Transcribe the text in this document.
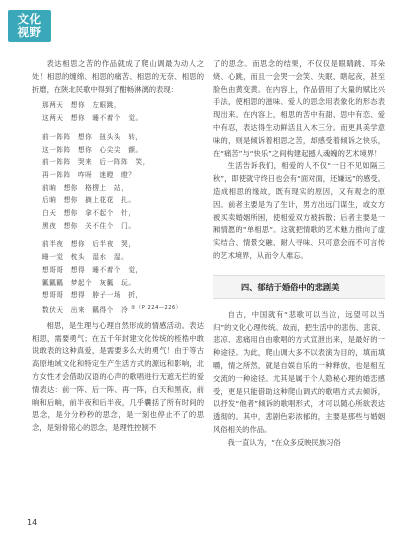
文化
视野

表达相思之苦的作品就成了爬山调最为动人之处！相思的缠绵、相思的痛苦、相思的无奈、相思的折磨，在陕北民歌中得到了酣畅淋漓的表现：

那两天　想你　左眼跳，
这两天　想你　睡不着个　觉。
前一阵阵　想你　扭头头　转，
这一阵阵　想你　心尖尖　颤。
前一阵阵　哭来　后一阵阵　笑，
再一阵阵　咋呀　迷瞪　瞪？
前晌　想你　格楞上　站，
后晌　想你　摘上花花　扎。
白天　想你　拿不起个　针，
黑夜　想你　关不住个　门。
前半夜　想你　后半夜　哭，
睡一觉　枕头　湿水　湿。
想哥哥　想得　睡不着个　觉，
瓤瓤瓤　梦起个　灰瓤　玩。
想哥哥　想得　脖子一场　折，
数伏天　出来　瓤得个　冷 $^{②(P 224—226)}$

相思，是生理与心理自然形成的情感活动。表达相思，需要勇气；在五千年封建文化传统的桎梏中敢说敢表的这种真爱，是需要多么大的勇气！由于等古高原地域文化和特定生产生活方式的源远和影响，北方女性才会借助汉语的心声的歌唱进行无遮无拦的爱情表达：前一阵、后一阵、再一阵，白天和黑夜，前晌和后晌，前半夜和后半夜，几乎囊括了所有时间的思念，是分分秒秒的思念，是一刻也停止不了的思念，是刻骨铭心的思念，是理性控制不

了的思念。而思念的结果，不仅仅是眼睛跳、耳朵烧、心跳，而且一会哭一会笑、失眠、瞎起夜，甚至脸色由黄变黄。在内容上，作品借用了大量的赋比兴手法，使相思的滋味、爱人的思念用表象化的形态表现出来。在内容上，相思的苦中有甜、思中有恋、爱中有忍，表达得生动鲜活且入木三分。而更具美学意味的，则是倾诉着相思之苦，却感受着倾诉之快乐，在“痛苦”与“快乐”之间构建起撼人魂魄的艺术境界！

生活告诉我们，相爱的人不仅“一日不见如隔三秋”，即使就守终日也会有“面对面，还嫌远”的感受。造成相思的缘故，既有现实的原因，又有观念的原因。前者主要是为了生计，男方出远门谋生，或女方被买卖婚姻所困，使相爱双方被拆散；后者主要是一厢情愿的“单相思”。这就把情歌的艺术魅力推向了虚实结合、情景交融、耐人寻味、只可意会而不可言传的艺术境界，从而令人难忘。

四、郁结于婚俗中的悲剧美

自古，中国就有“悲歌可以当泣，远望可以当归”的文化心理传统。故而，把生活中的悲伤、悲哀、悲凉、悲痛用自由歌唱的方式宣泄出来，是最好的一种途径。为此，爬山调大多不以表演为目的，填而填嚼，情之所然，就是自娱自乐的一种释放，也是相互交流的一种途径。尤其是属于个人隐秘心理的婚恋感受，更是只能借助这种爬山调式的歌唱方式去倾诉，以抒发“他者”倾诉的歌唱形式，才可以随心所欲表达透彻的。其中，悲剧色彩浓郁的，主要是那些与婚姻风俗相关的作品。

我一直认为，“在众多反映民族习俗

14
